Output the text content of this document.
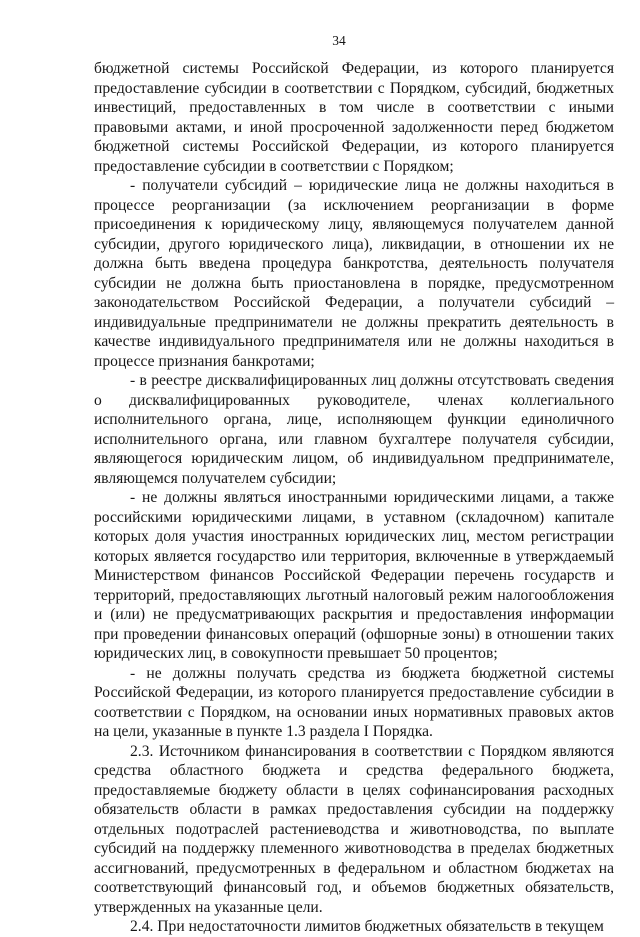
34

бюджетной системы Российской Федерации, из которого планируется предоставление субсидии в соответствии с Порядком, субсидий, бюджетных инвестиций, предоставленных в том числе в соответствии с иными правовыми актами, и иной просроченной задолженности перед бюджетом бюджетной системы Российской Федерации, из которого планируется предоставление субсидии в соответствии с Порядком;

- получатели субсидий – юридические лица не должны находиться в процессе реорганизации (за исключением реорганизации в форме присоединения к юридическому лицу, являющемуся получателем данной субсидии, другого юридического лица), ликвидации, в отношении их не должна быть введена процедура банкротства, деятельность получателя субсидии не должна быть приостановлена в порядке, предусмотренном законодательством Российской Федерации, а получатели субсидий – индивидуальные предприниматели не должны прекратить деятельность в качестве индивидуального предпринимателя или не должны находиться в процессе признания банкротами;

- в реестре дисквалифицированных лиц должны отсутствовать сведения о дисквалифицированных руководителе, членах коллегиального исполнительного органа, лице, исполняющем функции единоличного исполнительного органа, или главном бухгалтере получателя субсидии, являющегося юридическим лицом, об индивидуальном предпринимателе, являющемся получателем субсидии;

- не должны являться иностранными юридическими лицами, а также российскими юридическими лицами, в уставном (складочном) капитале которых доля участия иностранных юридических лиц, местом регистрации которых является государство или территория, включенные в утверждаемый Министерством финансов Российской Федерации перечень государств и территорий, предоставляющих льготный налоговый режим налогообложения и (или) не предусматривающих раскрытия и предоставления информации при проведении финансовых операций (офшорные зоны) в отношении таких юридических лиц, в совокупности превышает 50 процентов;

- не должны получать средства из бюджета бюджетной системы Российской Федерации, из которого планируется предоставление субсидии в соответствии с Порядком, на основании иных нормативных правовых актов на цели, указанные в пункте 1.3 раздела I Порядка.

2.3. Источником финансирования в соответствии с Порядком являются средства областного бюджета и средства федерального бюджета, предоставляемые бюджету области в целях софинансирования расходных обязательств области в рамках предоставления субсидии на поддержку отдельных подотраслей растениеводства и животноводства, по выплате субсидий на поддержку племенного животноводства в пределах бюджетных ассигнований, предусмотренных в федеральном и областном бюджетах на соответствующий финансовый год, и объемов бюджетных обязательств, утвержденных на указанные цели.

2.4. При недостаточности лимитов бюджетных обязательств в текущем
